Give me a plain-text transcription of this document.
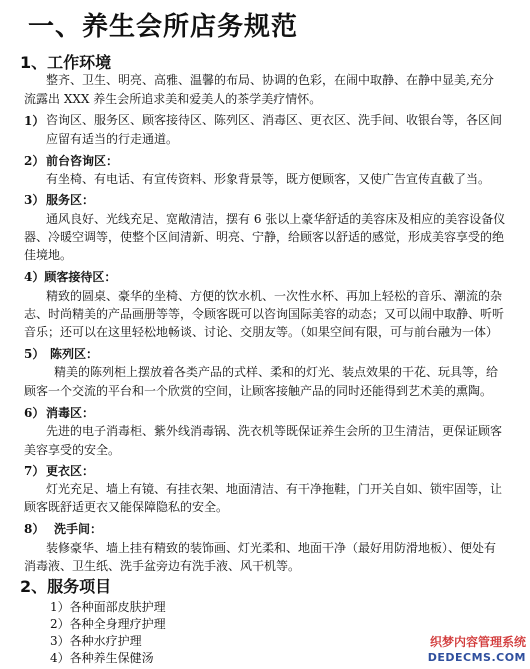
一、养生会所店务规范
1、工作环境
整齐、卫生、明亮、高雅、温馨的布局、协调的色彩，在闹中取静、在静中显美,充分
流露出 XXX 养生会所追求美和爱美人的茶学美疗情怀。
1） 咨询区、服务区、顾客接待区、陈列区、消毒区、更衣区、洗手间、收银台等，各区间
应留有适当的行走通道。
2） 前台咨询区：
有坐椅、有电话、有宣传资料、形象背景等，既方便顾客，又使广告宣传直截了当。
3） 服务区：
通风良好、光线充足、宽敞清洁，摆有 6 张以上豪华舒适的美容床及相应的美容设备仪
器、冷暖空调等，使整个区间清新、明亮、宁静，给顾客以舒适的感觉，形成美容享受的绝
佳境地。
4）顾客接待区：
精致的圆桌、豪华的坐椅、方便的饮水机、一次性水杯、再加上轻松的音乐、潮流的杂
志、时尚精美的产品画册等等，令顾客既可以咨询国际美容的动态；又可以闹中取静、听听
音乐；还可以在这里轻松地畅谈、讨论、交朋友等。（如果空间有限，可与前台融为一体）
5） 陈列区：
精美的陈列柜上摆放着各类产品的式样、柔和的灯光、装点效果的干花、玩具等，给
顾客一个交流的平台和一个欣赏的空间，让顾客接触产品的同时还能得到艺术美的熏陶。
6） 消毒区：
先进的电子消毒柜、紫外线消毒锅、洗衣机等既保证养生会所的卫生清洁，更保证顾客
美容享受的安全。
7） 更衣区：
灯光充足、墙上有镜、有挂衣架、地面清洁、有干净拖鞋，门开关自如、锁牢固等，让
顾客既舒适更衣又能保障隐私的安全。
8） 洗手间：
装修豪华、墙上挂有精致的装饰画、灯光柔和、地面干净（最好用防滑地板）、便处有
消毒液、卫生纸、洗手盆旁边有洗手液、风干机等。
2、服务项目
1）各种面部皮肤护理
2）各种全身理疗护理
3）各种水疗护理
4）各种养生保健汤
织梦内容管理系统
DEDECMS.COM
